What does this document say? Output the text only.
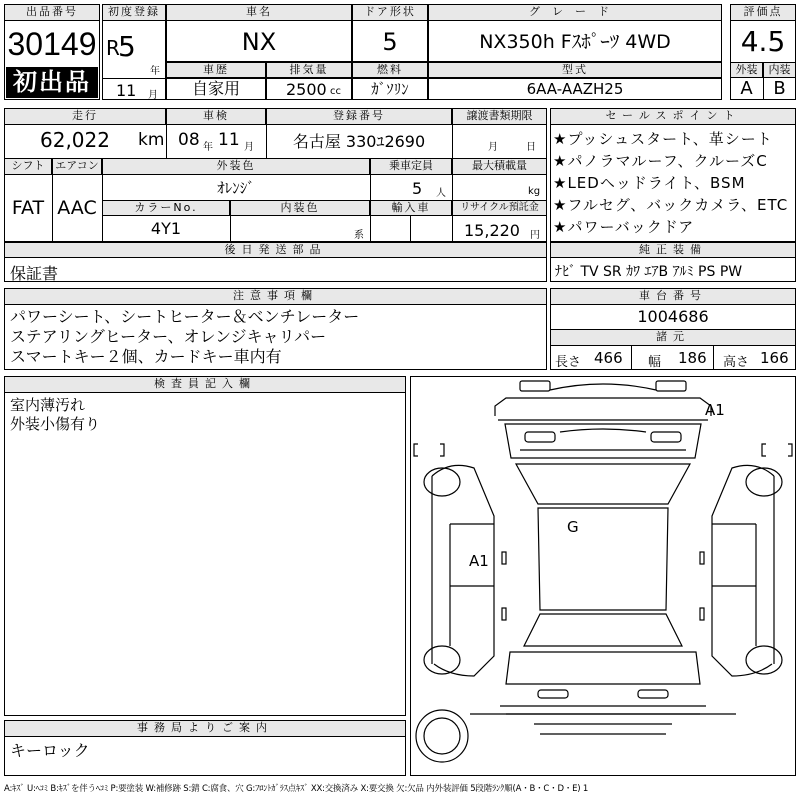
出品番号
30149
初出品
初度登録
R
5
年
11 月
車名
NX
ドア形状
5
グレード
NX350h Fｽﾎﾟｰﾂ 4WD
評価点
4.5
外装	内装
A	B
車歴
自家用
排気量
2500 cc
燃料
ｶﾞｿﾘﾝ
型式
6AA-AAZH25
走行
62,022 km
車検
08 年 11 月
登録番号
名古屋 330ﾕ2690
譲渡書類期限
月	日
シフト
FAT
エアコン
AAC
外装色
ｵﾚﾝｼﾞ
乗車定員
5 人
最大積載量
kg
カラーNo.
4Y1
内装色
系
輸入車	リサイクル預託金
15,220 円
セールスポイント
★プッシュスタート、革シート
★パノラマルーフ、クルーズC
★LEDヘッドライト、BSM
★フルセグ、バックカメラ、ETC
★パワーバックドア
後日発送部品
保証書
純正装備
ﾅﾋﾞ TV SR ｶﾜ ｴｱB ｱﾙﾐ PS PW
注意事項欄
パワーシート、シートヒーター＆ベンチレーター
ステアリングヒーター、オレンジキャリパー
スマートキー２個、カードキー車内有
車台番号
1004686
諸元
長さ 466 幅 186 高さ 166
検査員記入欄
室内薄汚れ
外装小傷有り
A1
G
A1
事務局よりご案内
キーロック
A:ｷｽﾞ U:ﾍｺﾐ B:ｷｽﾞを伴うﾍｺﾐ P:要塗装 W:補修跡 S:錆 C:腐食、穴 G:ﾌﾛﾝﾄｶﾞﾗｽ点ｷｽﾞ XX:交換済み X:要交換 欠:欠品 内外装評価 5段階ﾗﾝｸ順(A・B・C・D・E) 1
